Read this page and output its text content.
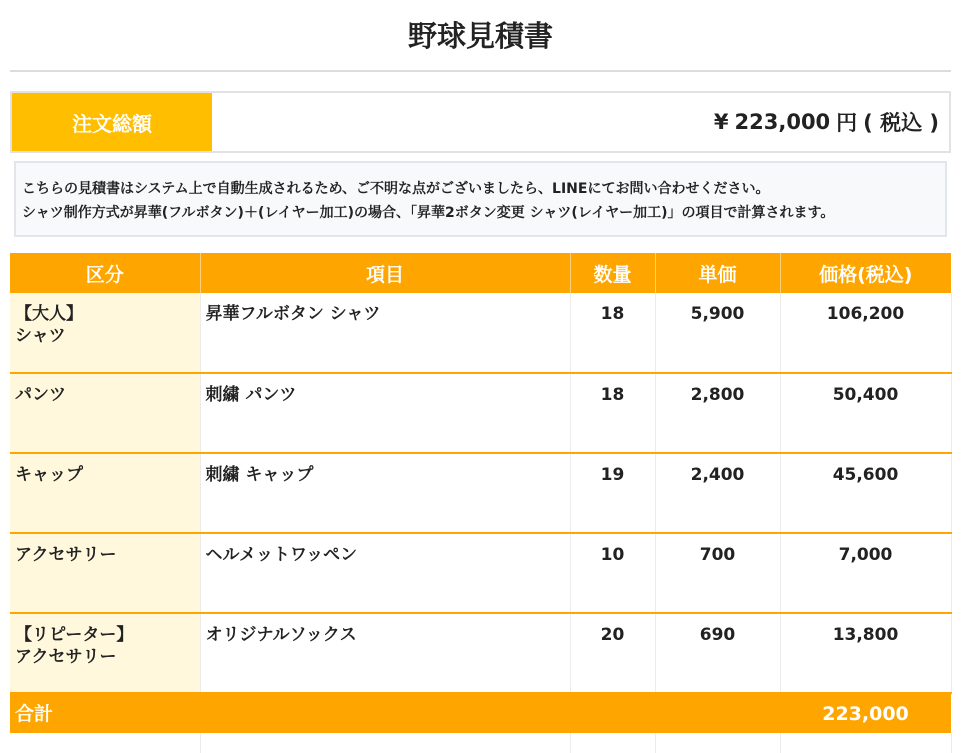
野球見積書
注文総額	¥ 223,000 円 ( 税込 )
こちらの見積書はシステム上で自動生成されるため、ご不明な点がございましたら、LINEにてお問い合わせください。
シャツ制作方式が昇華(フルボタン)＋(レイヤー加工)の場合、「昇華2ボタン変更 シャツ(レイヤー加工)」の項目で計算されます。
区分	項目	数量	単価	価格(税込)

【大人】
シャツ	昇華フルボタン シャツ	18	5,900	106,200

パンツ	刺繍 パンツ	18	2,800	50,400

キャップ	刺繍 キャップ	19	2,400	45,600

アクセサリー	ヘルメットワッペン	10	700	7,000

【リピーター】
アクセサリー	オリジナルソックス	20	690	13,800
合計				223,000
